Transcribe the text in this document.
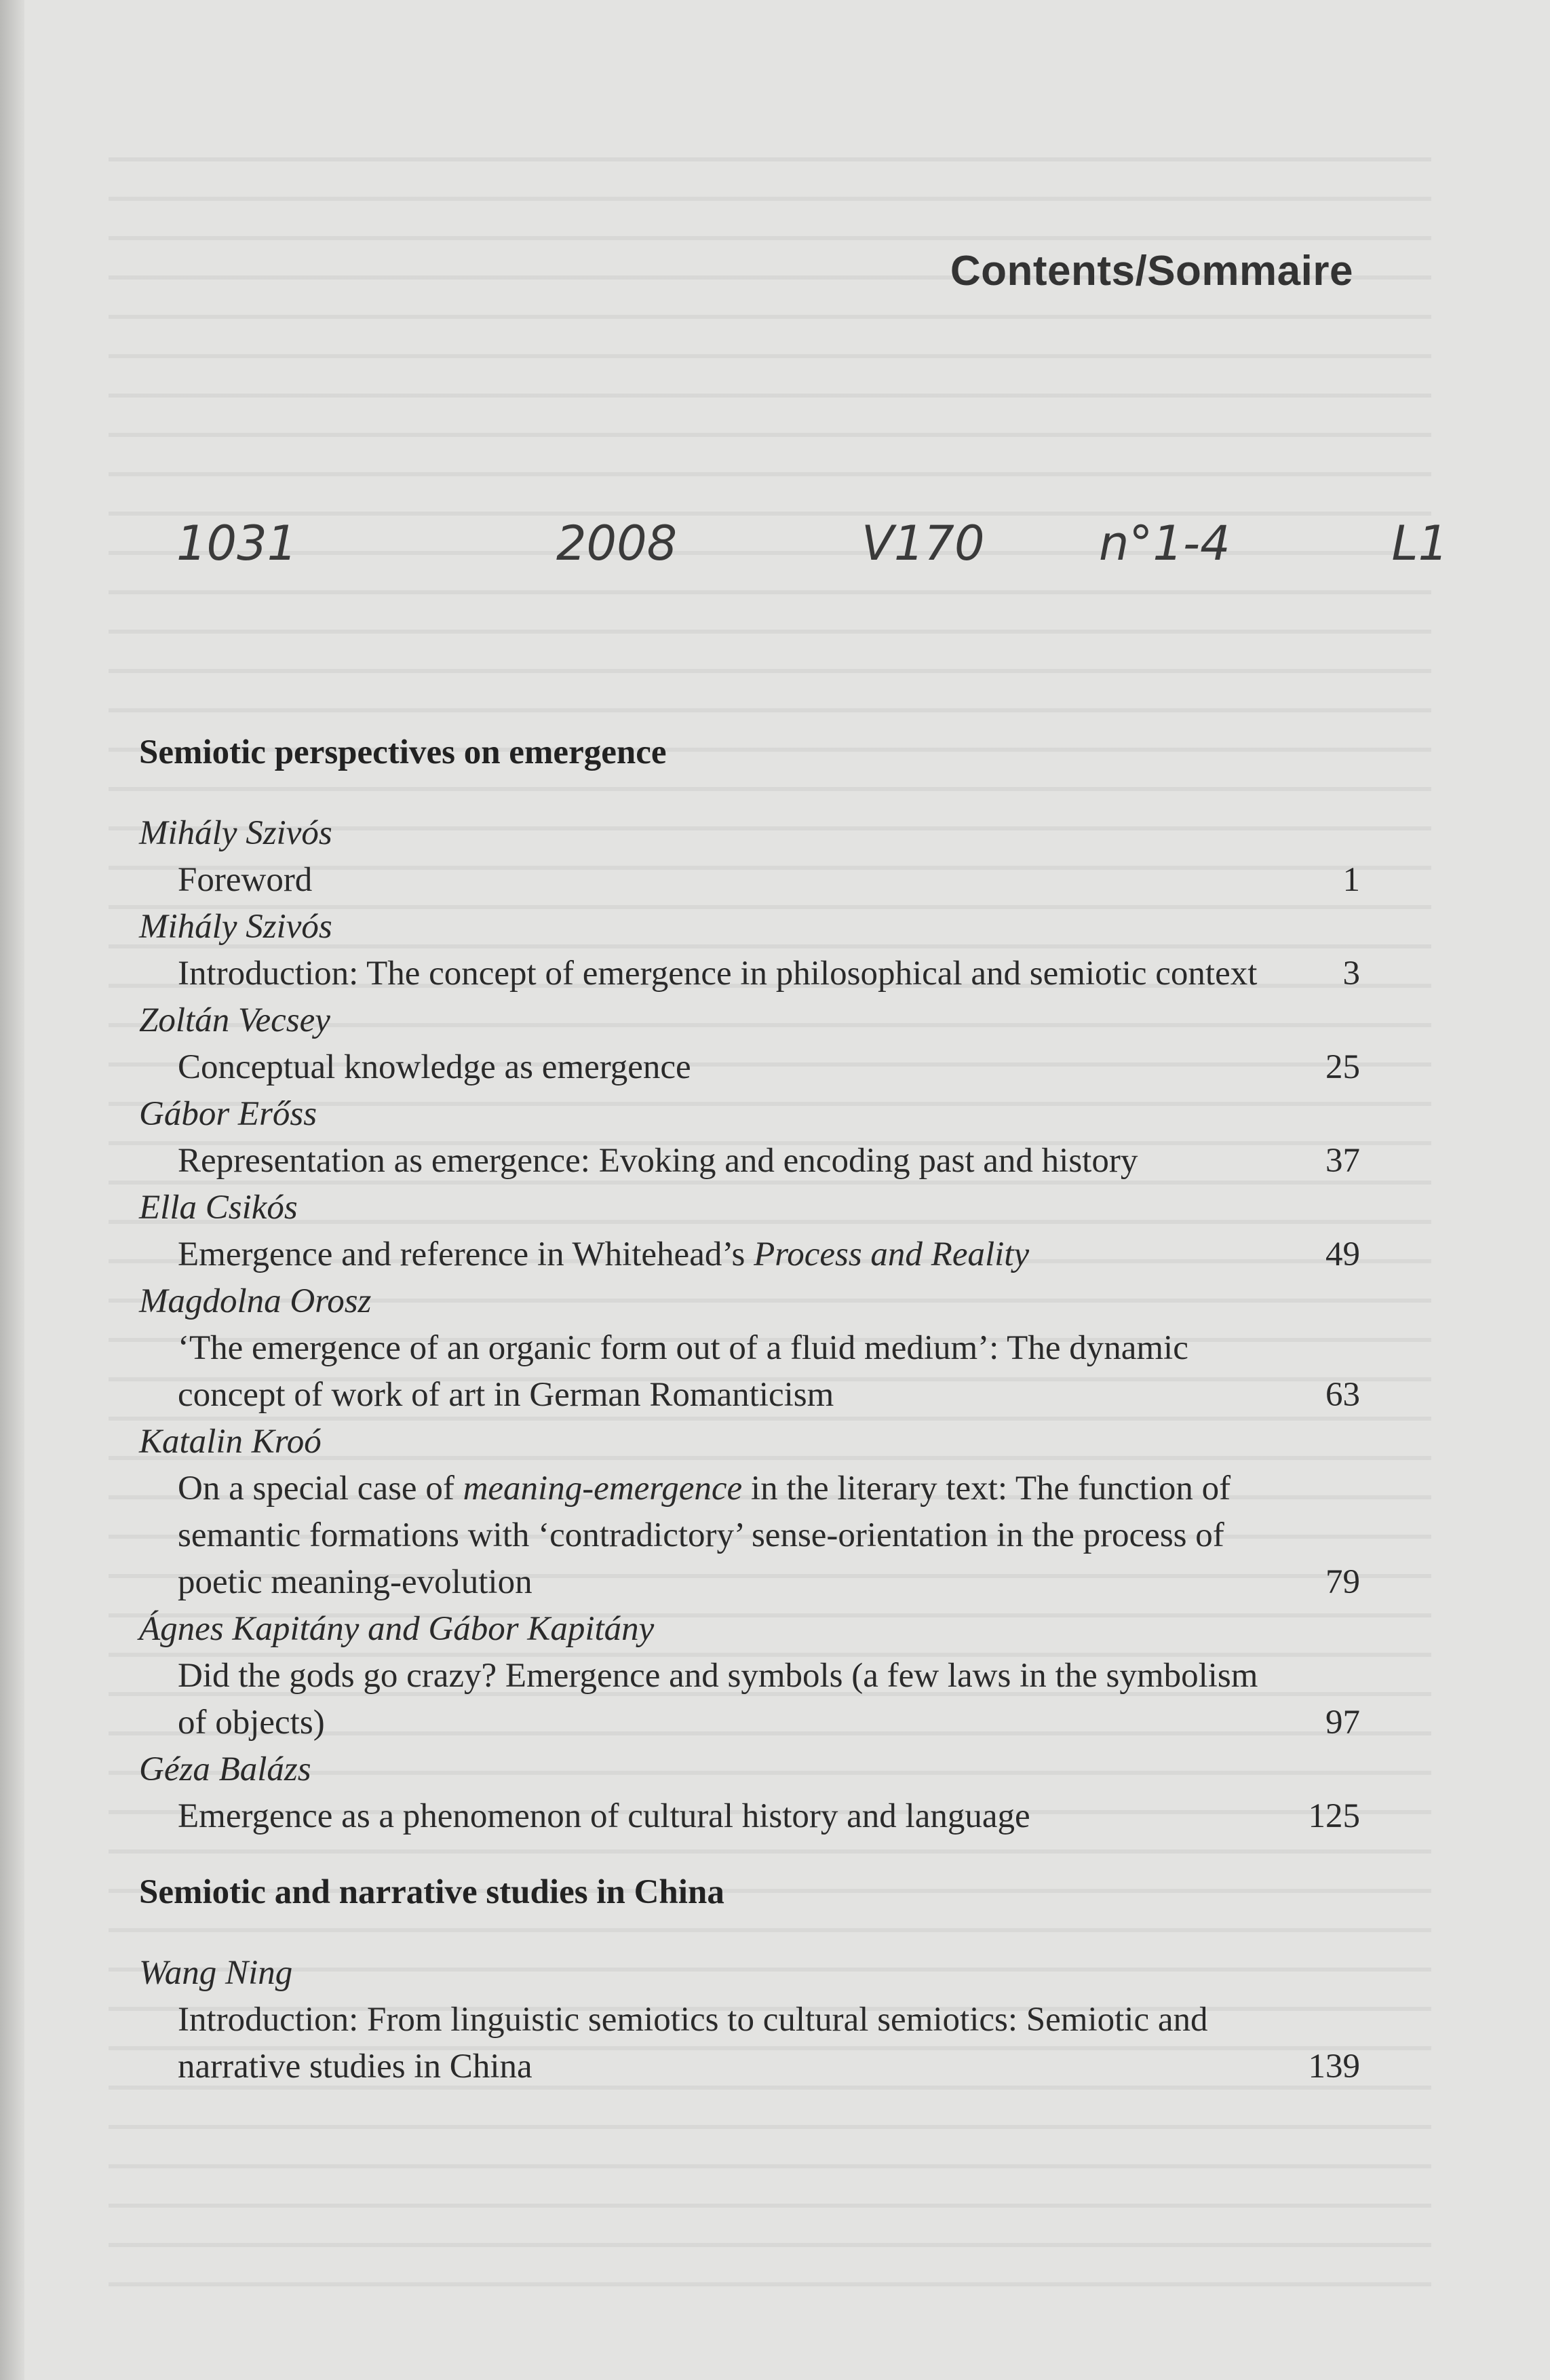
Contents/Sommaire
1031	2008	V170 n°1-4	L1
Semiotic perspectives on emergence
Mihály Szivós
Foreword	1
Mihály Szivós
Introduction: The concept of emergence in philosophical and semiotic context 3
Zoltán Vecsey
Conceptual knowledge as emergence	25
Gábor Erőss
Representation as emergence: Evoking and encoding past and history	37
Ella Csikós
Emergence and reference in Whitehead’s Process and Reality	49
Magdolna Orosz
‘The emergence of an organic form out of a fluid medium’: The dynamic concept of work of art in German Romanticism	63
Katalin Kroó
On a special case of meaning-emergence in the literary text: The function of semantic formations with ‘contradictory’ sense-orientation in the process of poetic meaning-evolution	79
Ágnes Kapitány and Gábor Kapitány
Did the gods go crazy? Emergence and symbols (a few laws in the symbolism of objects)	97
Géza Balázs
Emergence as a phenomenon of cultural history and language	125
Semiotic and narrative studies in China
Wang Ning
Introduction: From linguistic semiotics to cultural semiotics: Semiotic and narrative studies in China	139
